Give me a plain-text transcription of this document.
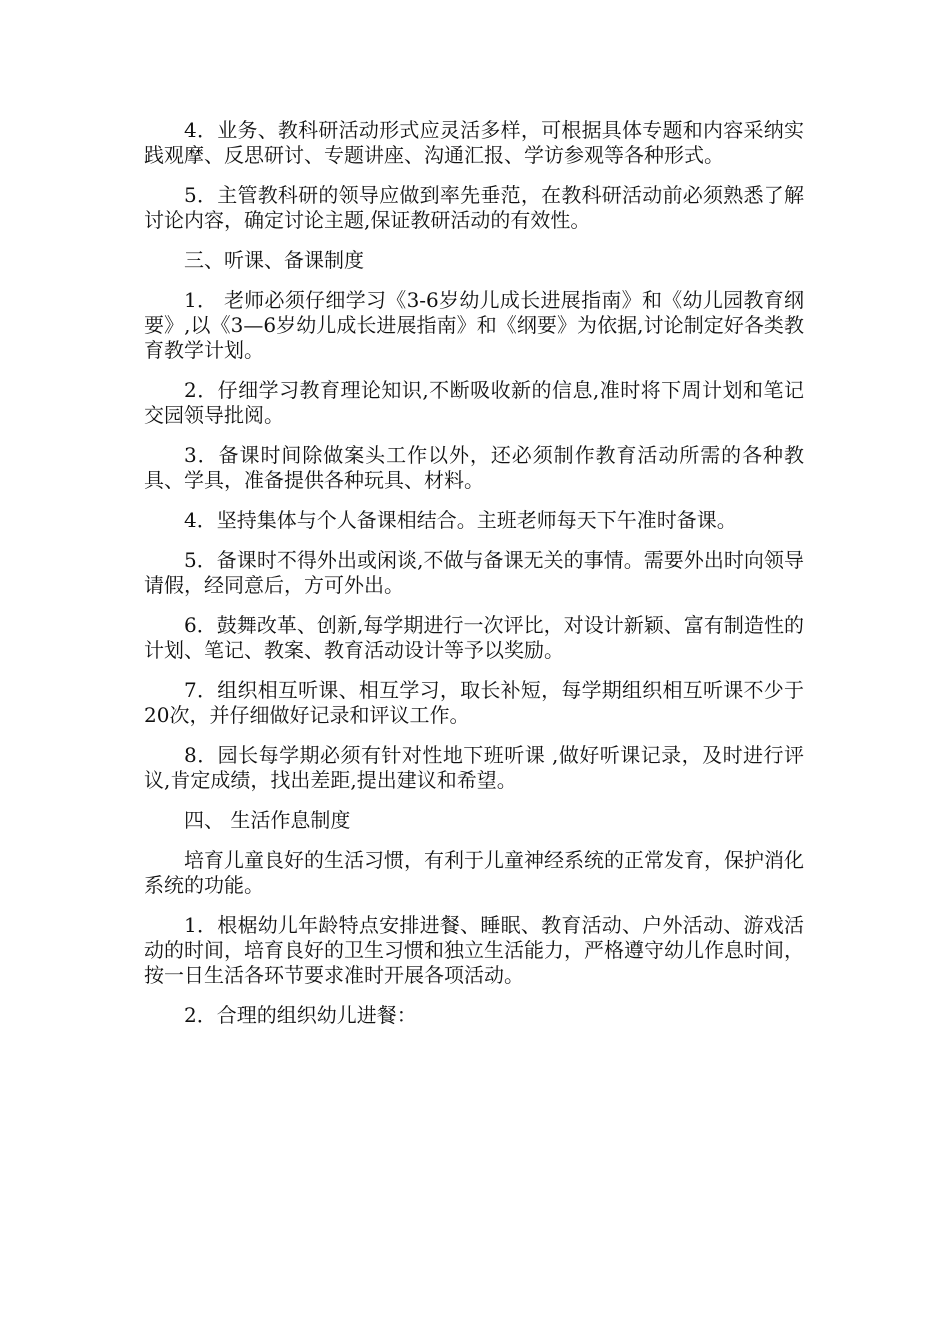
4．业务、教科研活动形式应灵活多样，可根据具体专题和内容采纳实践观摩、反思研讨、专题讲座、沟通汇报、学访参观等各种形式。

5．主管教科研的领导应做到率先垂范，在教科研活动前必须熟悉了解讨论内容，确定讨论主题,保证教研活动的有效性。

三、听课、备课制度

1． 老师必须仔细学习《3-6岁幼儿成长进展指南》和《幼儿园教育纲要》,以《3—6岁幼儿成长进展指南》和《纲要》为依据,讨论制定好各类教育教学计划。

2．仔细学习教育理论知识,不断吸收新的信息,准时将下周计划和笔记交园领导批阅。

3．备课时间除做案头工作以外，还必须制作教育活动所需的各种教具、学具，准备提供各种玩具、材料。

4．坚持集体与个人备课相结合。主班老师每天下午准时备课。

5．备课时不得外出或闲谈,不做与备课无关的事情。需要外出时向领导请假，经同意后，方可外出。

6．鼓舞改革、创新,每学期进行一次评比，对设计新颖、富有制造性的计划、笔记、教案、教育活动设计等予以奖励。

7．组织相互听课、相互学习，取长补短，每学期组织相互听课不少于20次，并仔细做好记录和评议工作。

8．园长每学期必须有针对性地下班听课 ,做好听课记录，及时进行评议,肯定成绩，找出差距,提出建议和希望。

四、 生活作息制度

培育儿童良好的生活习惯，有利于儿童神经系统的正常发育，保护消化系统的功能。

1．根椐幼儿年龄特点安排进餐、睡眠、教育活动、户外活动、游戏活动的时间，培育良好的卫生习惯和独立生活能力，严格遵守幼儿作息时间，按一日生活各环节要求准时开展各项活动。

2．合理的组织幼儿进餐：
